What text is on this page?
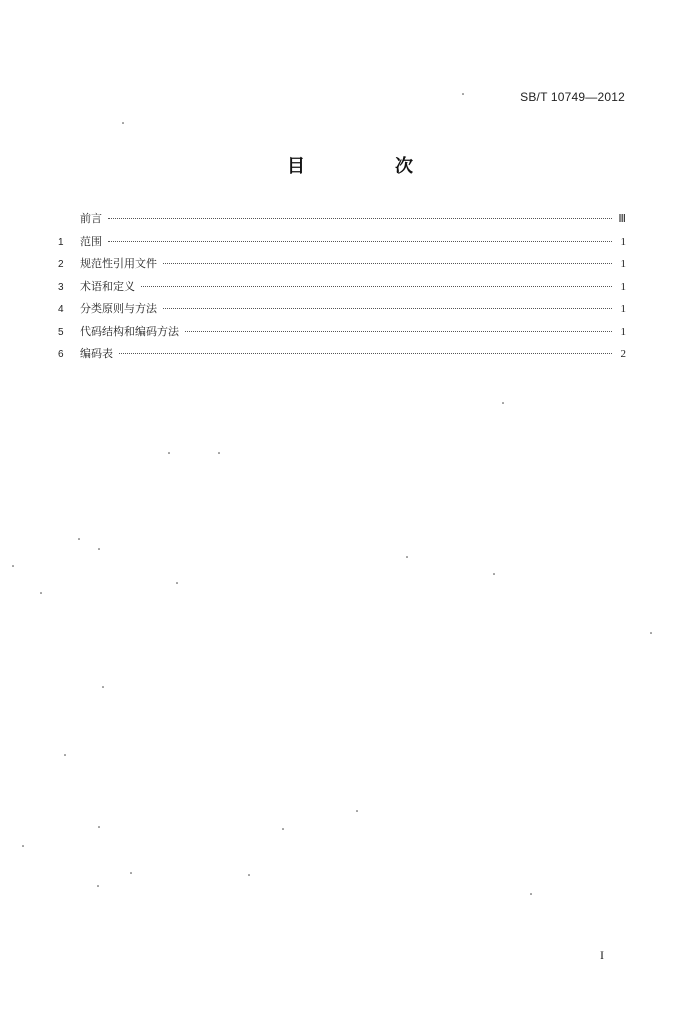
SB/T 10749—2012
目　次
前言	Ⅲ
1	范围	1
2	规范性引用文件	1
3	术语和定义	1
4	分类原则与方法	1
5	代码结构和编码方法	1
6	编码表	2
I
